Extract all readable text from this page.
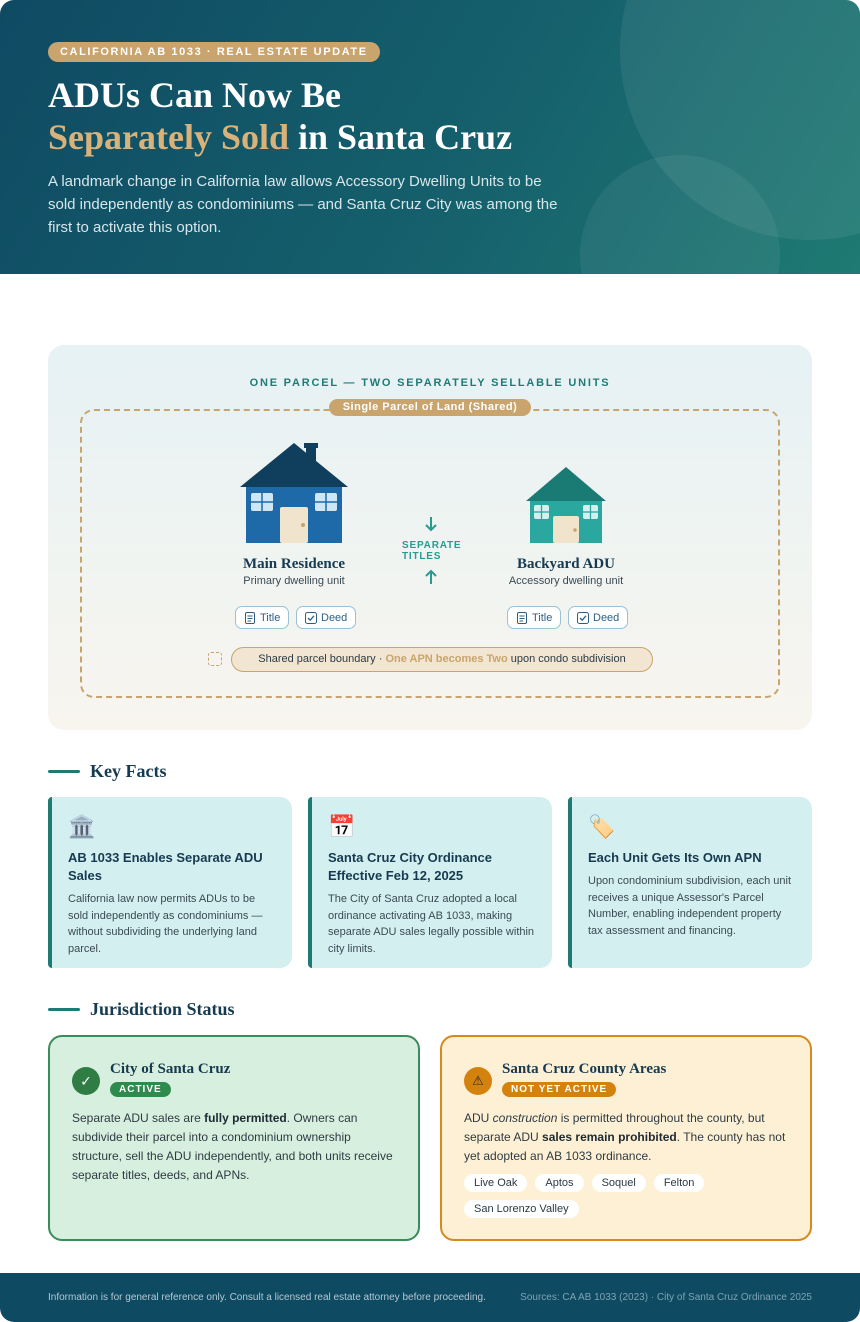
CALIFORNIA AB 1033 · REAL ESTATE UPDATE
ADUs Can Now Be
Separately Sold in Santa Cruz

A landmark change in California law allows Accessory Dwelling Units to be sold independently as condominiums — and Santa Cruz City was among the first to activate this option.

ONE PARCEL — TWO SEPARATELY SELLABLE UNITS
Single Parcel of Land (Shared)
Main Residence
Primary dwelling unit
Title	Deed
SEPARATE TITLES	Backyard ADU
Accessory dwelling unit
Title	Deed
Shared parcel boundary · One APN becomes Two upon condo subdivision
Key Facts
🏛️
AB 1033 Enables Separate ADU Sales

California law now permits ADUs to be sold independently as condominiums — without subdividing the underlying land parcel.

📅
Santa Cruz City Ordinance Effective Feb 12, 2025

The City of Santa Cruz adopted a local ordinance activating AB 1033, making separate ADU sales legally possible within city limits.

🏷️
Each Unit Gets Its Own APN

Upon condominium subdivision, each unit receives a unique Assessor's Parcel Number, enabling independent property tax assessment and financing.

Jurisdiction Status
✓
City of Santa Cruz
ACTIVE

Separate ADU sales are fully permitted. Owners can subdivide their parcel into a condominium ownership structure, sell the ADU independently, and both units receive separate titles, deeds, and APNs.

⚠
Santa Cruz County Areas
NOT YET ACTIVE

ADU construction is permitted throughout the county, but separate ADU sales remain prohibited. The county has not yet adopted an AB 1033 ordinance.

Live Oak	Aptos	Soquel	Felton
San Lorenzo Valley
Information is for general reference only. Consult a licensed real estate attorney before proceeding.	Sources: CA AB 1033 (2023) · City of Santa Cruz Ordinance 2025
